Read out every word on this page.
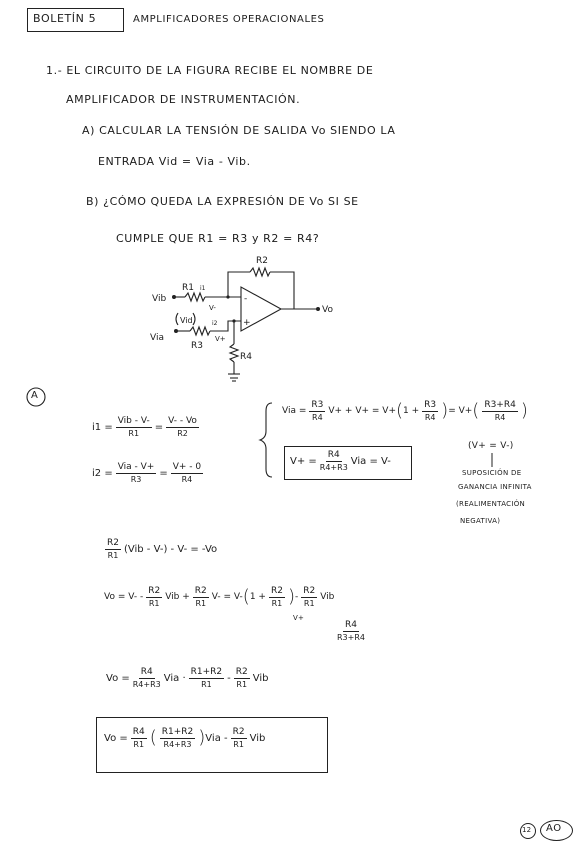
BOLETÍN 5	AMPLIFICADORES OPERACIONALES
1.- EL CIRCUITO DE LA FIGURA RECIBE EL NOMBRE DE
AMPLIFICADOR DE INSTRUMENTACIÓN.
A) CALCULAR LA TENSIÓN DE SALIDA Vo SIENDO LA
ENTRADA Vid = Via - Vib.
B) ¿CÓMO QUEDA LA EXPRESIÓN DE Vo SI SE
CUMPLE QUE R1 = R3 y R2 = R4?
R2
R1 i1
R3
R4
Vib
Via
Vid
V-
V+
i2
-
+
Vo
A
$i1 = \frac{\text{Vib - V-}}{R1} = \frac{V- - Vo}{R2}$
$i2 = \frac{\text{Via - V+}}{R3} = \frac{V+ - 0}{R4}$
Via = $\frac{R3}{R4} V+ + V+ = V+$ ( $1 + \frac{R3}{R4}$ ) = V+ ( $\frac{R3+R4}{R4}$ )
$V+ = \frac{R4}{R4+R3}$ Via = V-
(V+ = V-)
SUPOSICIÓN DE
GANANCIA INFINITA
(REALIMENTACIÓN
NEGATIVA)
$\frac{R2}{R1} (Vib - V-) - V- = -Vo$
$Vo = V- - \frac{R2}{R1}$ Vib + $\frac{R2}{R1} V- = V-$ ( $1 + \frac{R2}{R1}$ ) - $\frac{R2}{R1}$ Vib
V+
$\frac{R4}{R3+R4}$
$Vo = \frac{R4}{R4+R3}$ Via · $\frac{R1+R2}{R1} - \frac{R2}{R1}$ Vib
$Vo = \frac{R4}{R1}$ ( $\frac{R1+R2}{R4+R3}$ ) Via - $\frac{R2}{R1}$ Vib
12 AO
